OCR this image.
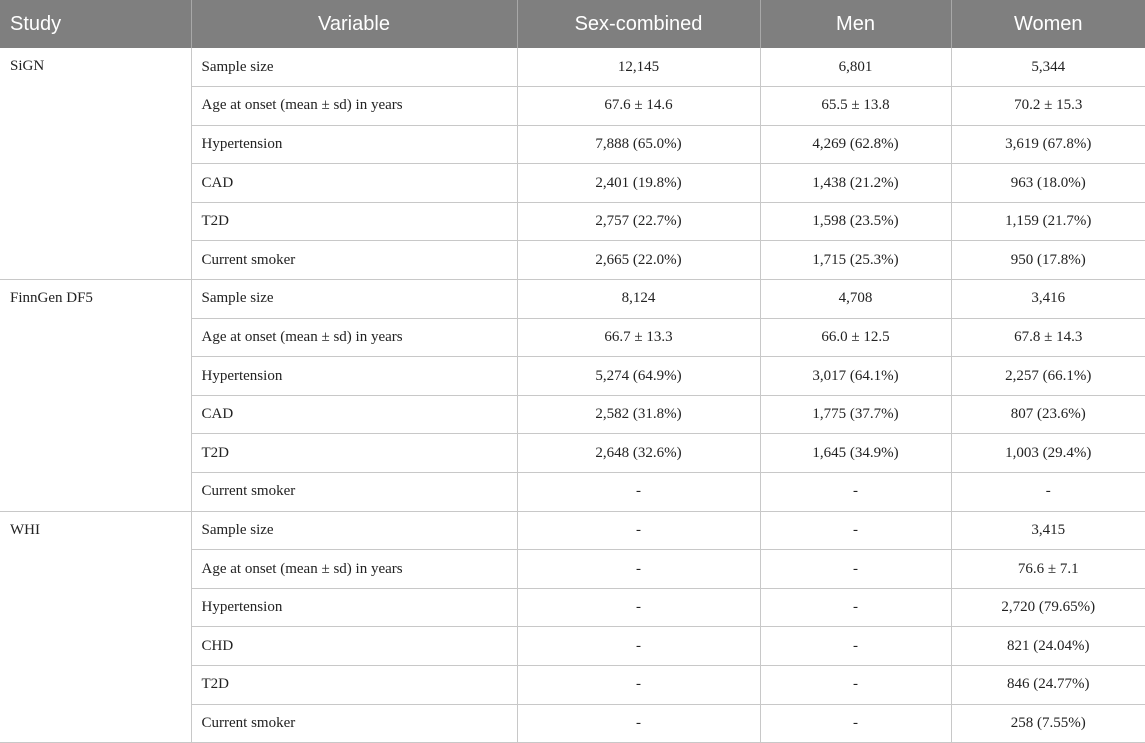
Study	Variable	Sex-combined	Men	Women
SiGN	Sample size	12,145	6,801	5,344
	Age at onset (mean ± sd) in years	67.6 ± 14.6	65.5 ± 13.8	70.2 ± 15.3
	Hypertension	7,888 (65.0%)	4,269 (62.8%)	3,619 (67.8%)
	CAD	2,401 (19.8%)	1,438 (21.2%)	963 (18.0%)
	T2D	2,757 (22.7%)	1,598 (23.5%)	1,159 (21.7%)
	Current smoker	2,665 (22.0%)	1,715 (25.3%)	950 (17.8%)
FinnGen DF5	Sample size	8,124	4,708	3,416
	Age at onset (mean ± sd) in years	66.7 ± 13.3	66.0 ± 12.5	67.8 ± 14.3
	Hypertension	5,274 (64.9%)	3,017 (64.1%)	2,257 (66.1%)
	CAD	2,582 (31.8%)	1,775 (37.7%)	807 (23.6%)
	T2D	2,648 (32.6%)	1,645 (34.9%)	1,003 (29.4%)
	Current smoker	-	-	-
WHI	Sample size	-	-	3,415
	Age at onset (mean ± sd) in years	-	-	76.6 ± 7.1
	Hypertension	-	-	2,720 (79.65%)
	CHD	-	-	821 (24.04%)
	T2D	-	-	846 (24.77%)
	Current smoker	-	-	258 (7.55%)
